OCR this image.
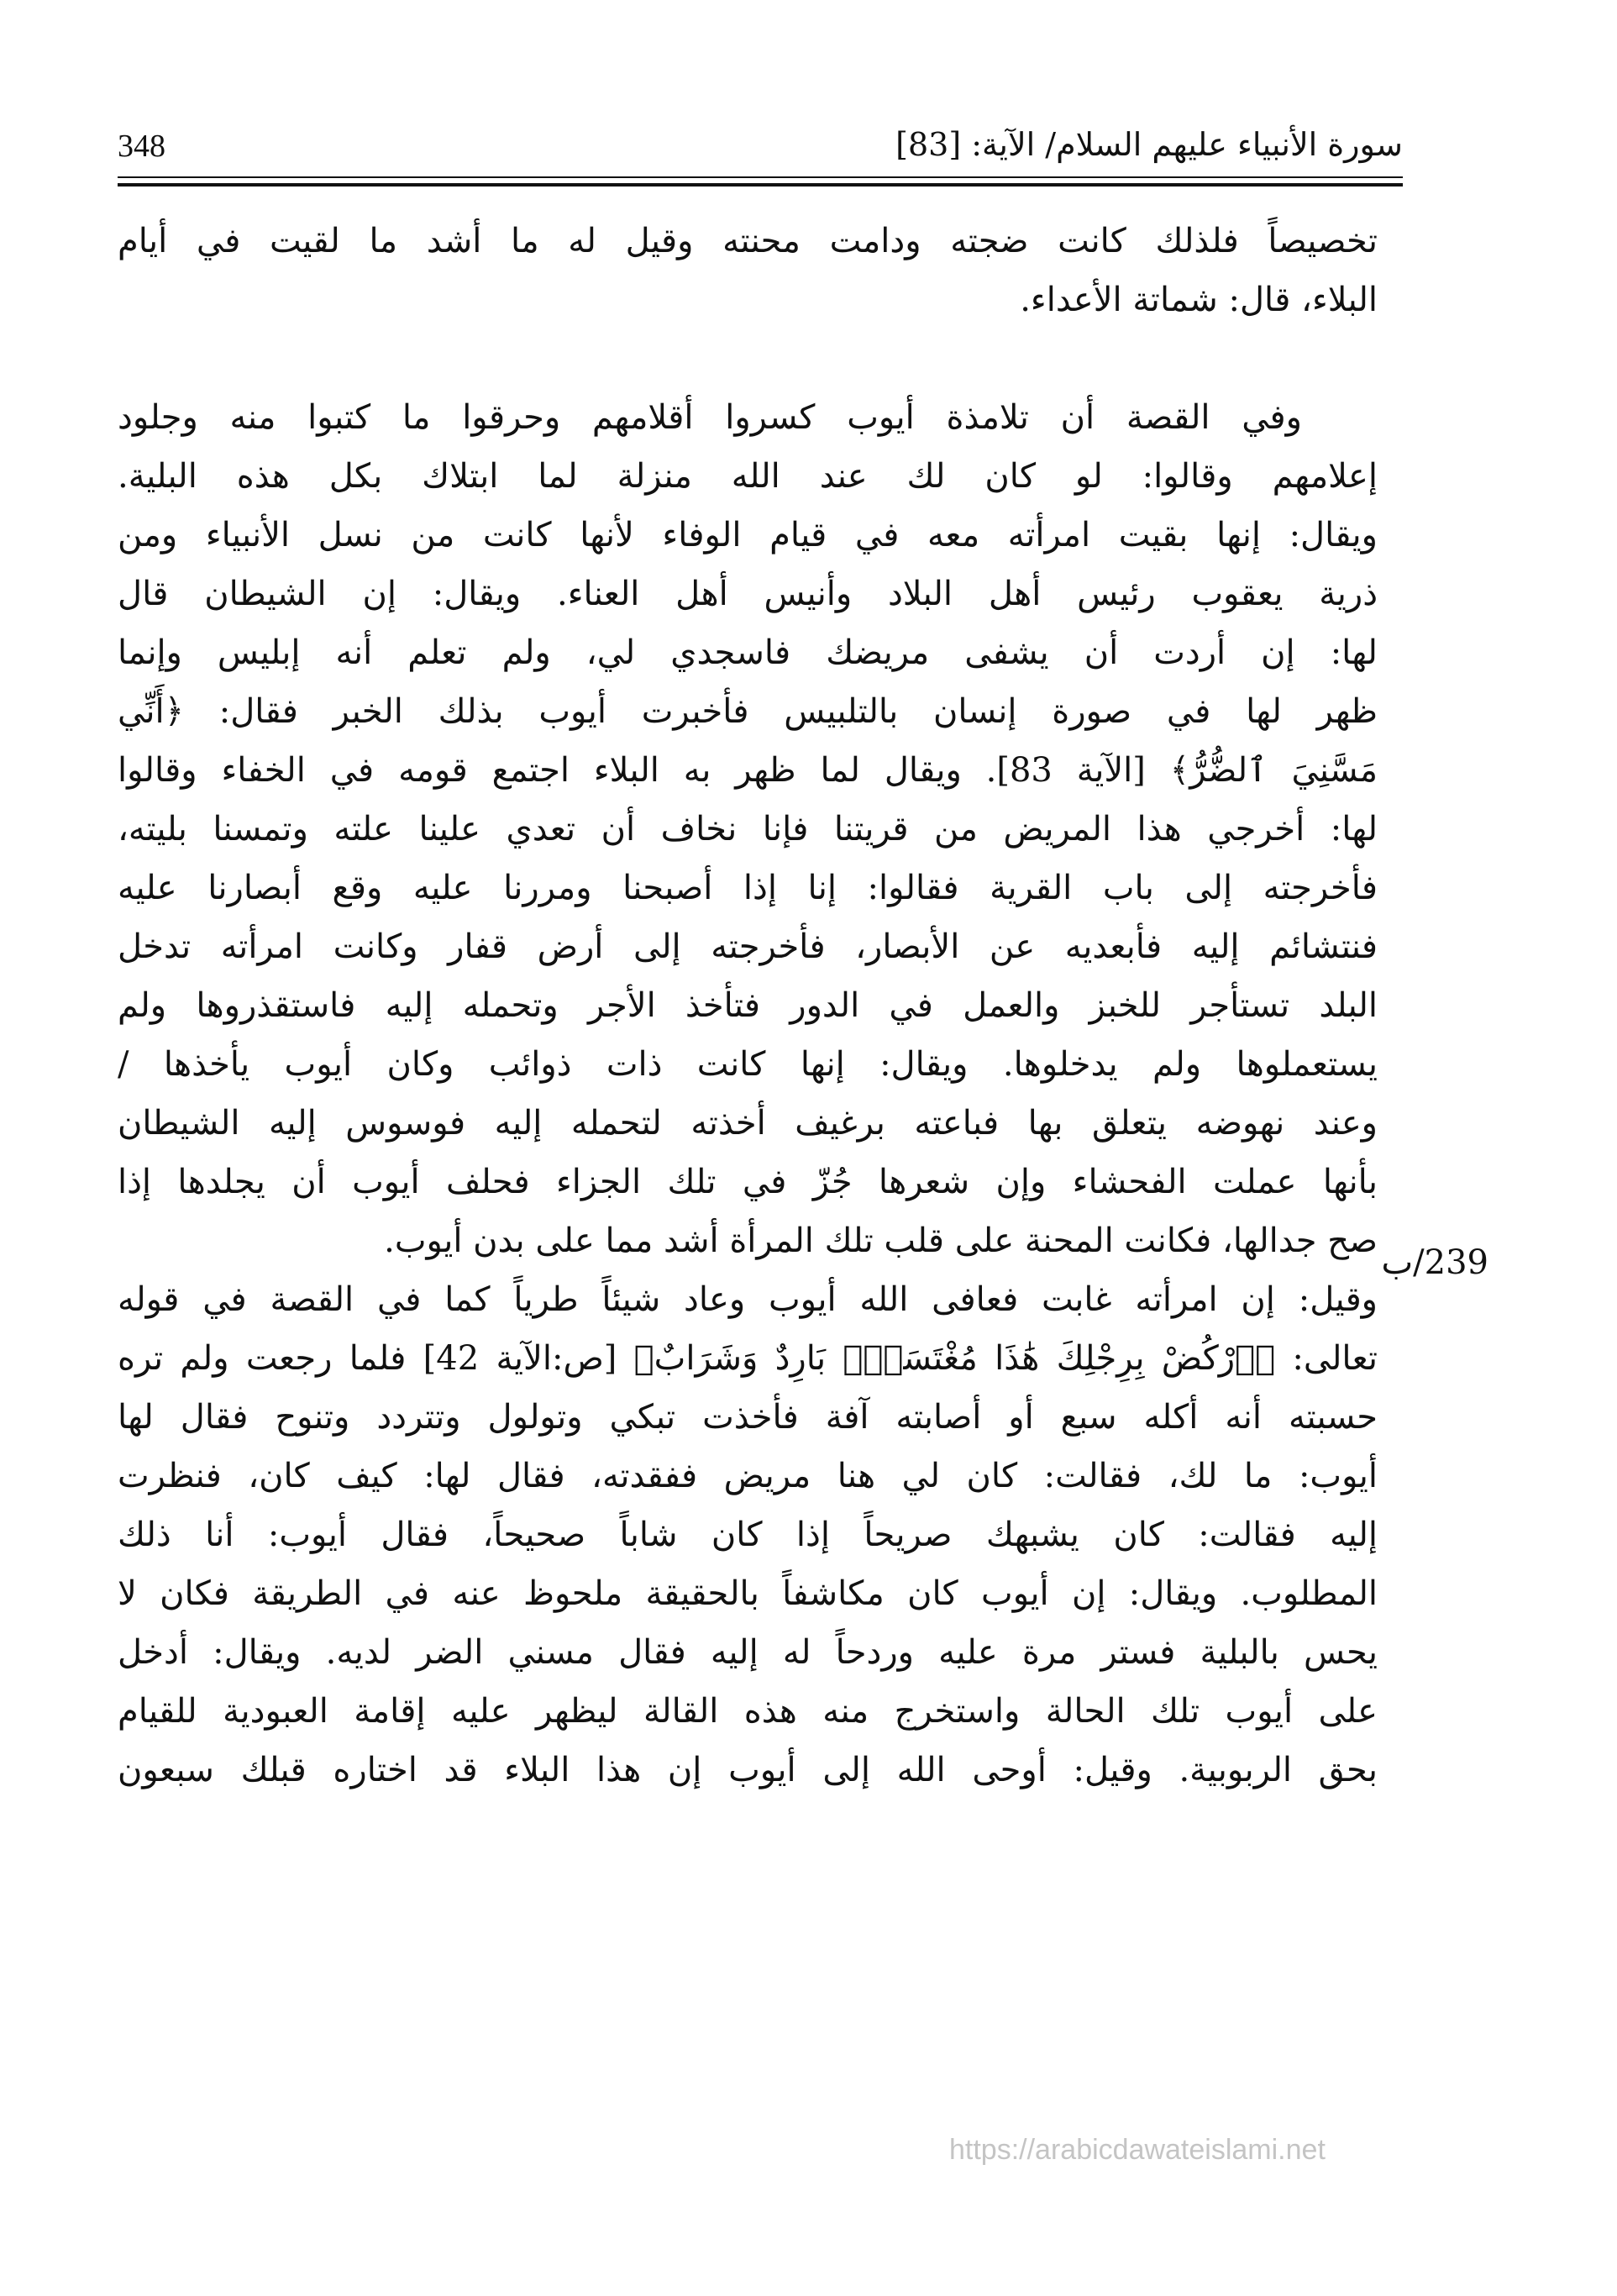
348	سورة الأنبياء عليهم السلام/ الآية: [83]
تخصيصاً فلذلك كانت ضجته ودامت محنته وقيل له ما أشد ما لقيت في أيام
البلاء، قال: شماتة الأعداء.
وفي القصة أن تلامذة أيوب كسروا أقلامهم وحرقوا ما كتبوا منه وجلود
إعلامهم وقالوا: لو كان لك عند الله منزلة لما ابتلاك بكل هذه البلية.
ويقال: إنها بقيت امرأته معه في قيام الوفاء لأنها كانت من نسل الأنبياء ومن
ذرية يعقوب رئيس أهل البلاد وأنيس أهل العناء. ويقال: إن الشيطان قال
لها: إن أردت أن يشفى مريضك فاسجدي لي، ولم تعلم أنه إبليس وإنما
ظهر لها في صورة إنسان بالتلبيس فأخبرت أيوب بذلك الخبر فقال: ﴿أَنِّي
مَسَّنِيَ ٱلضُّرُّ﴾ [الآية 83]. ويقال لما ظهر به البلاء اجتمع قومه في الخفاء وقالوا
لها: أخرجي هذا المريض من قريتنا فإنا نخاف أن تعدي علينا علته وتمسنا بليته،
فأخرجته إلى باب القرية فقالوا: إنا إذا أصبحنا ومررنا عليه وقع أبصارنا عليه
فنتشائم إليه فأبعديه عن الأبصار، فأخرجته إلى أرض قفار وكانت امرأته تدخل
البلد تستأجر للخبز والعمل في الدور فتأخذ الأجر وتحمله إليه فاستقذروها ولم
يستعملوها ولم يدخلوها. ويقال: إنها كانت ذات ذوائب وكان أيوب يأخذها /
وعند نهوضه يتعلق بها فباعته برغيف أخذته لتحمله إليه فوسوس إليه الشيطان
بأنها عملت الفحشاء وإن شعرها جُزّ في تلك الجزاء فحلف أيوب أن يجلدها إذا
صح جدالها، فكانت المحنة على قلب تلك المرأة أشد مما على بدن أيوب.
وقيل: إن امرأته غابت فعافى الله أيوب وعاد شيئاً طرياً كما في القصة في قوله
تعالى: ﴿ٱرْكُضْ بِرِجْلِكَ هَٰذَا مُغْتَسَلٌۢ بَارِدٌ وَشَرَابٌ﴾ [ص:الآية 42] فلما رجعت ولم تره
حسبته أنه أكله سبع أو أصابته آفة فأخذت تبكي وتولول وتتردد وتنوح فقال لها
أيوب: ما لك، فقالت: كان لي هنا مريض ففقدته، فقال لها: كيف كان، فنظرت
إليه فقالت: كان يشبهك صريحاً إذا كان شاباً صحيحاً، فقال أيوب: أنا ذلك
المطلوب. ويقال: إن أيوب كان مكاشفاً بالحقيقة ملحوظ عنه في الطريقة فكان لا
يحس بالبلية فستر مرة عليه وردحاً له إليه فقال مسني الضر لديه. ويقال: أدخل
على أيوب تلك الحالة واستخرج منه هذه القالة ليظهر عليه إقامة العبودية للقيام
بحق الربوبية. وقيل: أوحى الله إلى أيوب إن هذا البلاء قد اختاره قبلك سبعون
239/ب
https://arabicdawateislami.net
